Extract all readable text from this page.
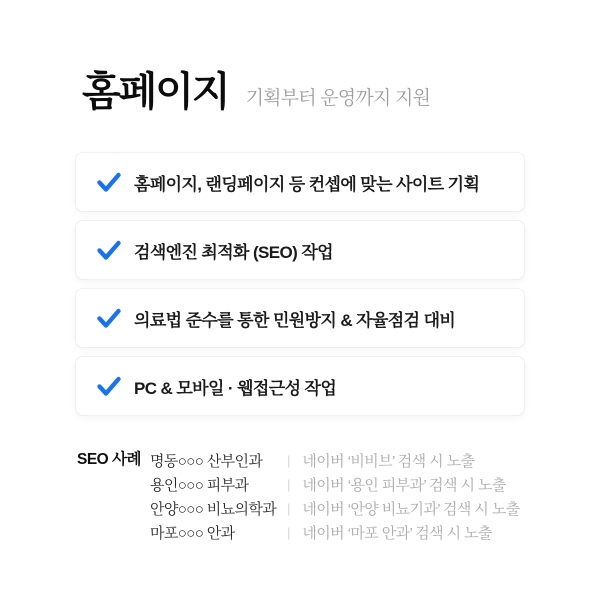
홈페이지 기획부터 운영까지 지원
홈페이지, 랜딩페이지 등 컨셉에 맞는 사이트 기획
검색엔진 최적화 (SEO) 작업
의료법 준수를 통한 민원방지 & 자율점검 대비
PC & 모바일 · 웹접근성 작업
SEO 사례 명동○○○ 산부인과	| 네이버 ‘비비브’ 검색 시 노출
용인○○○ 피부과	| 네이버 ‘용인 피부과’ 검색 시 노출
안양○○○ 비뇨의학과 | 네이버 ‘안양 비뇨기과’ 검색 시 노출
마포○○○ 안과	| 네이버 ‘마포 안과’ 검색 시 노출
